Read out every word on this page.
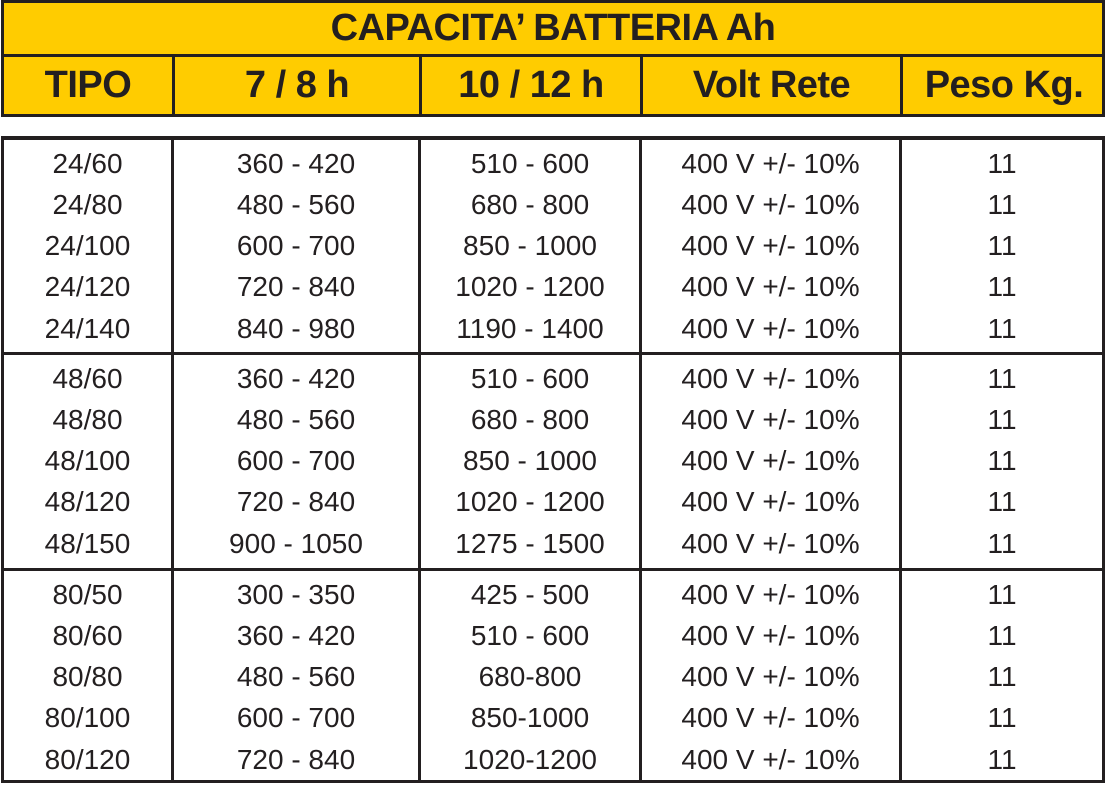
CAPACITA’ BATTERIA Ah
TIPO	7 / 8 h	10 / 12 h	Volt Rete	Peso Kg.
24/60	360 - 420	510 - 600	400 V +/- 10%	11
24/80	480 - 560	680 - 800	400 V +/- 10%	11
24/100	600 - 700	850 - 1000	400 V +/- 10%	11
24/120	720 - 840	1020 - 1200	400 V +/- 10%	11
24/140	840 - 980	1190 - 1400	400 V +/- 10%	11
48/60	360 - 420	510 - 600	400 V +/- 10%	11
48/80	480 - 560	680 - 800	400 V +/- 10%	11
48/100	600 - 700	850 - 1000	400 V +/- 10%	11
48/120	720 - 840	1020 - 1200	400 V +/- 10%	11
48/150	900 - 1050	1275 - 1500	400 V +/- 10%	11
80/50	300 - 350	425 - 500	400 V +/- 10%	11
80/60	360 - 420	510 - 600	400 V +/- 10%	11
80/80	480 - 560	680-800	400 V +/- 10%	11
80/100	600 - 700	850-1000	400 V +/- 10%	11
80/120	720 - 840	1020-1200	400 V +/- 10%	11
